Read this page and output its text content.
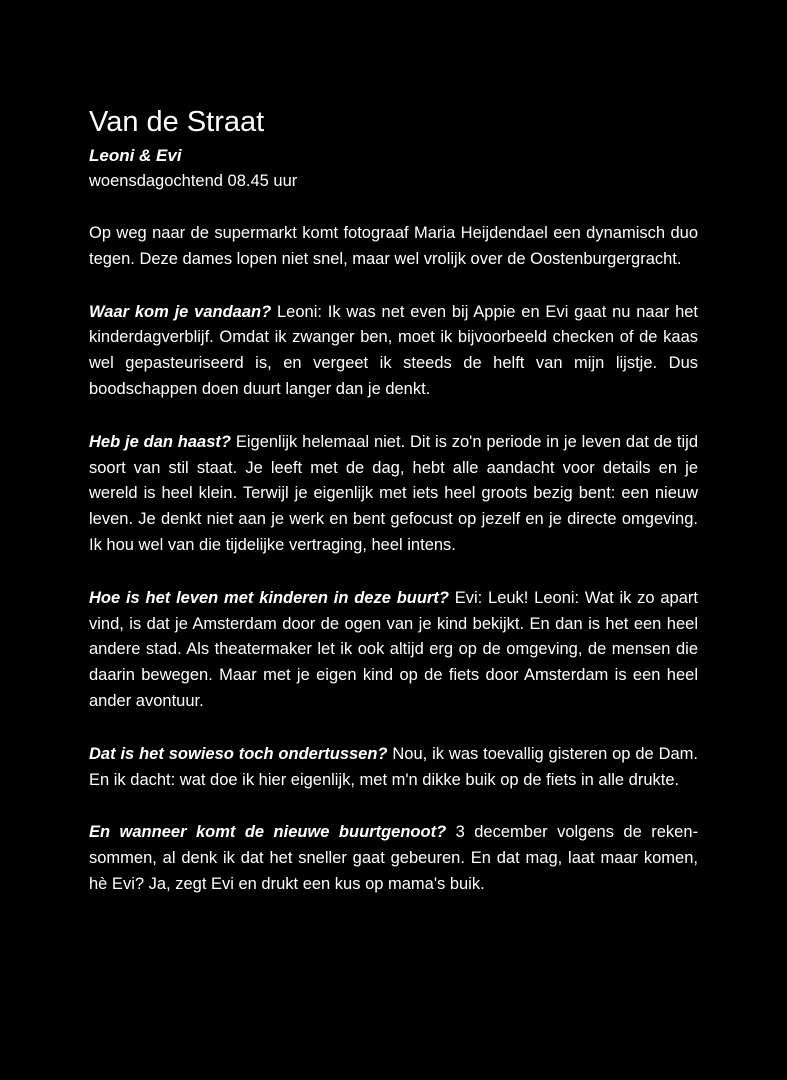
Van de Straat

Leoni & Evi

woensdagochtend 08.45 uur

Op weg naar de supermarkt komt fotograaf Maria Heijdendael een dynamisch duo tegen. Deze dames lopen niet snel, maar wel vrolijk over de Oostenburgergracht.

Waar kom je vandaan? Leoni: Ik was net even bij Appie en Evi gaat nu naar het kinderdagverblijf. Omdat ik zwanger ben, moet ik bijvoorbeeld checken of de kaas wel gepasteuriseerd is, en vergeet ik steeds de helft van mijn lijstje. Dus boodschappen doen duurt langer dan je denkt.

Heb je dan haast? Eigenlijk helemaal niet. Dit is zo'n periode in je leven dat de tijd soort van stil staat. Je leeft met de dag, hebt alle aandacht voor details en je wereld is heel klein. Terwijl je eigenlijk met iets heel groots bezig bent: een nieuw leven. Je denkt niet aan je werk en bent gefocust op jezelf en je directe omgeving. Ik hou wel van die tijdelijke vertraging, heel intens.

Hoe is het leven met kinderen in deze buurt? Evi: Leuk! Leoni: Wat ik zo apart vind, is dat je Amsterdam door de ogen van je kind bekijkt. En dan is het een heel andere stad. Als theatermaker let ik ook altijd erg op de omgeving, de mensen die daarin bewegen. Maar met je eigen kind op de fiets door Amsterdam is een heel ander avontuur.

Dat is het sowieso toch ondertussen? Nou, ik was toevallig gisteren op de Dam. En ik dacht: wat doe ik hier eigenlijk, met m'n dikke buik op de fiets in alle drukte.

En wanneer komt de nieuwe buurtgenoot? 3 december volgens de reken-sommen, al denk ik dat het sneller gaat gebeuren. En dat mag, laat maar komen, hè Evi? Ja, zegt Evi en drukt een kus op mama's buik.
